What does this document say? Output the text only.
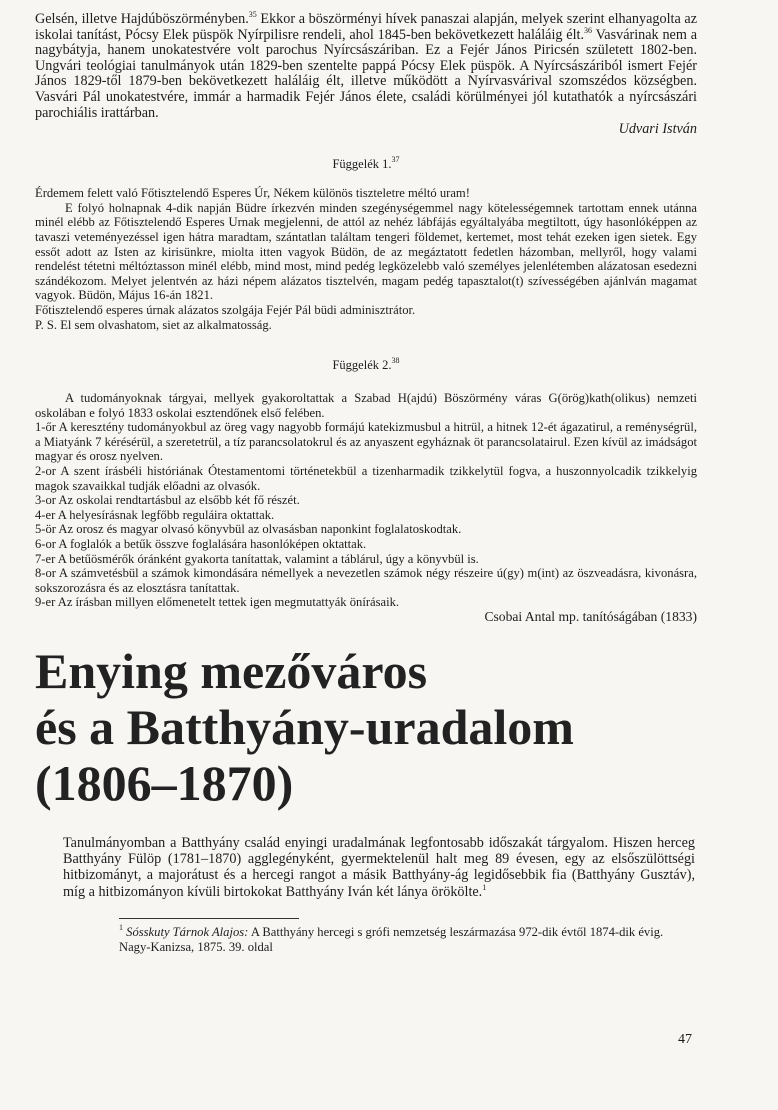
Gelsén, illetve Hajdúböszörményben.$^{35}$ Ekkor a böszörményi hívek panaszai alapján, melyek szerint elhanyagolta az iskolai tanítást, Pócsy Elek püspök Nyírpilisre rendeli, ahol 1845-ben bekövetkezett haláláig élt.$^{36}$ Vasvárinak nem a nagybátyja, hanem unokatestvére volt parochus Nyírcsászáriban. Ez a Fejér János Piricsén született 1802-ben. Ungvári teológiai tanulmányok után 1829-ben szentelte pappá Pócsy Elek püspök. A Nyírcsászáriból ismert Fejér János 1829-től 1879-ben bekövetkezett haláláig élt, illetve működött a Nyírvasvárival szomszédos községben. Vasvári Pál unokatestvére, immár a harmadik Fejér János élete, családi körülményei jól kutathatók a nyírcsászári parochiális irattárban.

Udvari István

Függelék 1.37

Érdemem felett való Főtisztelendő Esperes Úr, Nékem különös tiszteletre méltó uram!

E folyó holnapnak 4-dik napján Büdre írkezvén minden szegénységemmel nagy kötelességemnek tartottam ennek utánna minél elébb az Főtisztelendő Esperes Urnak megjelenni, de attól az nehéz lábfájás egyáltalyába megtiltott, úgy hasonlóképpen az tavaszi veteményezéssel igen hátra maradtam, szántatlan találtam tengeri földemet, kertemet, most tehát ezeken igen sietek. Egy essőt adott az Isten az kirisünkre, miolta itten vagyok Büdön, de az megáztatott fedetlen házomban, mellyről, hogy valami rendelést tétetni méltóztasson minél elébb, mind most, mind pedég legközelebb való személyes jelenlétemben alázatosan esedezni szándékozom. Melyet jelentvén az házi népem alázatos tisztelvén, magam pedég tapasztalot(t) szívességében ajánlván magamat vagyok. Büdön, Május 16-án 1821.

Főtisztelendő esperes úrnak alázatos szolgája Fejér Pál büdi adminisztrátor.

P. S. El sem olvashatom, siet az alkalmatosság.

Függelék 2.38

A tudományoknak tárgyai, mellyek gyakoroltattak a Szabad H(ajdú) Böszörmény váras G(örög)kath(olikus) nemzeti oskolában e folyó 1833 oskolai esztendőnek első felében.

1-őr A keresztény tudományokbul az öreg vagy nagyobb formájú katekizmusbul a hitrül, a hitnek 12-ét ágazatirul, a reménységrül, a Miatyánk 7 kérésérül, a szeretetrül, a tíz parancsolatokrul és az anyaszent egyháznak öt parancsolatairul. Ezen kívül az imádságot magyar és orosz nyelven.

2-or A szent írásbéli históriának Ótestamentomi történetekbül a tizenharmadik tzikkelytül fogva, a huszonnyolcadik tzikkelyig magok szavaikkal tudják előadni az olvasók.

3-or Az oskolai rendtartásbul az elsőbb két fő részét.

4-er A helyesírásnak legfőbb reguláira oktattak.

5-ör Az orosz és magyar olvasó könyvbül az olvasásban naponkint foglalatoskodtak.

6-or A foglalók a betűk összve foglalására hasonlóképen oktattak.

7-er A betűösmérők óránként gyakorta tanítattak, valamint a táblárul, úgy a könyvbül is.

8-or A számvetésbül a számok kimondására némellyek a nevezetlen számok négy részeire ú(gy) m(int) az öszveadásra, kivonásra, sokszorozásra és az elosztásra tanítattak.

9-er Az írásban millyen előmenetelt tettek igen megmutattyák önírásaik.

Csobai Antal mp. tanítóságában (1833)

Enying mezőváros
és a Batthyány-uradalom
(1806–1870)

Tanulmányomban a Batthyány család enyingi uradalmának legfontosabb időszakát tárgyalom. Hiszen herceg Batthyány Fülöp (1781–1870) agglegényként, gyermektelenül halt meg 89 évesen, egy az elsőszülöttségi hitbizományt, a majorátust és a hercegi rangot a másik Batthyány-ág legidősebbik fia (Batthyány Gusztáv), míg a hitbizományon kívüli birtokokat Batthyány Iván két lánya örökölte.$^1$

$^1$ Sósskuty Tárnok Alajos: A Batthyány hercegi s grófi nemzetség leszármazása 972-dik évtől 1874-dik évig. Nagy-Kanizsa, 1875. 39. oldal

47
